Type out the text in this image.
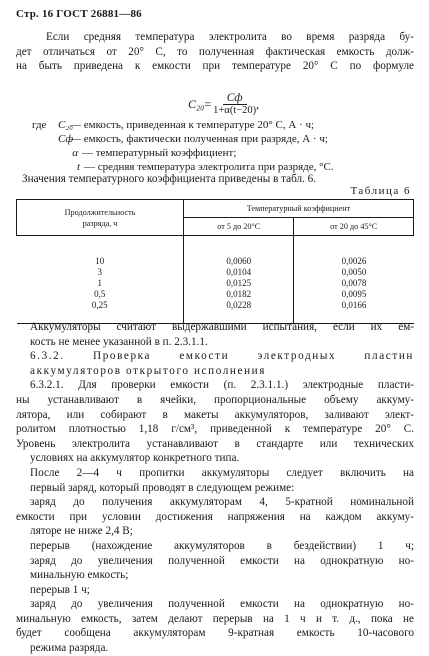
Стр. 16 ГОСТ 26881—86

Если средняя температура электролита во время разряда бу-
дет отличаться от 20° С, то полученная фактическая емкость долж-
на быть приведена к емкости при температуре 20° С по формуле

$C_{20} = \frac{Cф}{1+\alpha(t-20)}$ ,
где	C₂₀
— емкость, приведенная к температуре 20° С, А · ч;
Cф
— емкость, фактически полученная при разряде, А · ч;
α — температурный коэффициент;
t — средняя температура электролита при разряде, °С.

Значения температурного коэффициента приведены в табл. 6.

Таблица 6
Продолжительность
разряда, ч	Температурный коэффициент	
	от 5 до 20°С	от 20 до 45°С
10	0,0060	0,0026
3	0,0104	0,0050
1	0,0125	0,0078
0,5	0,0182	0,0095
0,25	0,0228	0,0166

Аккумуляторы считают выдержавшими испытания, если их ем-
кость не менее указанной в п. 2.3.1.1.

6.3.2. Проверка емкости электродных пластин
аккумуляторов открытого исполнения

6.3.2.1. Для проверки емкости (п. 2.3.1.1.) электродные пласти-
ны устанавливают в ячейки, пропорциональные объему аккуму-
лятора, или собирают в макеты аккумуляторов, заливают элект-
ролитом плотностью 1,18 г/см³, приведенной к температуре 20° С.
Уровень электролита устанавливают в стандарте или технических
условиях на аккумулятор конкретного типа.

После 2—4 ч пропитки аккумуляторы следует включить на
первый заряд, который проводят в следующем режиме:

заряд до получения аккумуляторам 4, 5-кратной номинальной
емкости при условии достижения напряжения на каждом аккуму-
ляторе не ниже 2,4 В;

перерыв (нахождение аккумуляторов в бездействии) 1 ч;

заряд до увеличения полученной емкости на однократную но-
минальную емкость;

перерыв 1 ч;

заряд до увеличения полученной емкости на однократную но-
минальную емкость, затем делают перерыв на 1 ч и т. д., пока не
будет сообщена аккумуляторам 9-кратная емкость 10-часового
режима разряда.
